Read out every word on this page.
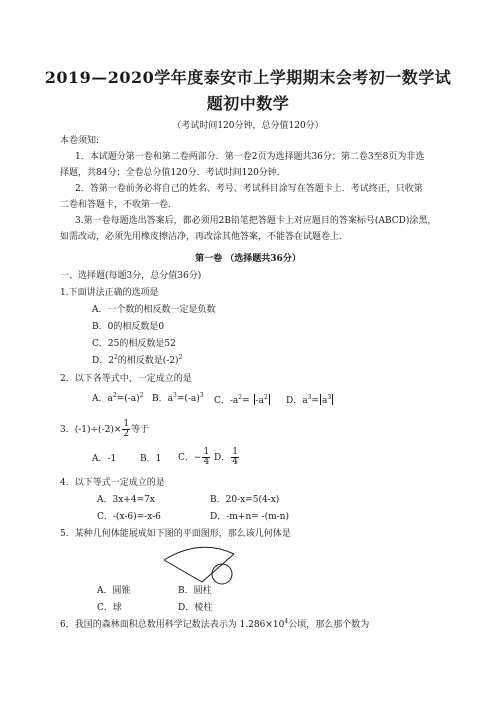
2019—2020学年度泰安市上学期期末会考初一数学试
题初中数学
（考试时间120分钟，总分值120分）
本卷须知:
1．本试题分第一卷和第二卷两部分．第一卷2页为选择题共36分；第二卷3至8页为非选
择题，共84分；全卷总分值120分．考试时间120分钟．
2．答第一卷前务必将自己的姓名、考号、考试科目涂写在答题卡上．考试终正，只收第
二卷和答题卡，不收第一卷．
3.第一卷每题选出答案后，都必须用2B铅笔把答题卡上对应题目的答案标号(ABCD)涂黑，
如需改动，必须先用橡皮擦洁净，再改涂其他答案，不能答在试题卷上.
第一卷 （选择题共36分）
一、选择题(每题3分，总分值36分)
1.下面讲法正确的选项是
A．一个数的相反数一定是负数
B．0的相反数是0
C．25的相反数是52
D．$2^2$的相反数是$(-2)^2$
2．以下各等式中，一定成立的是
A．$a^2=(-a)^2$ B．$a^3=(-a)^3$
C．$-a^2= -a^2$	D．$a^3= a^3$
3．$(-1)\div(-2)\times \frac{1}{2}$ 等于
A．-1	B．1 C．− $\frac{1}{4}$ D． $\frac{1}{4}$
4．以下等式一定成立的是
A．3x+4=7x	B．20-x=5(4-x)
C．-(x-6)=-x-6	D．-m+n= -(m-n)
5．某种几何体能展成如下图的平面图形，那么该几何体是
A．圆锥	B．圆柱
C．球	D．棱柱
6．我国的森林面积总数用科学记数法表示为 $1.286\times 10^4$公顷，那么那个数为
